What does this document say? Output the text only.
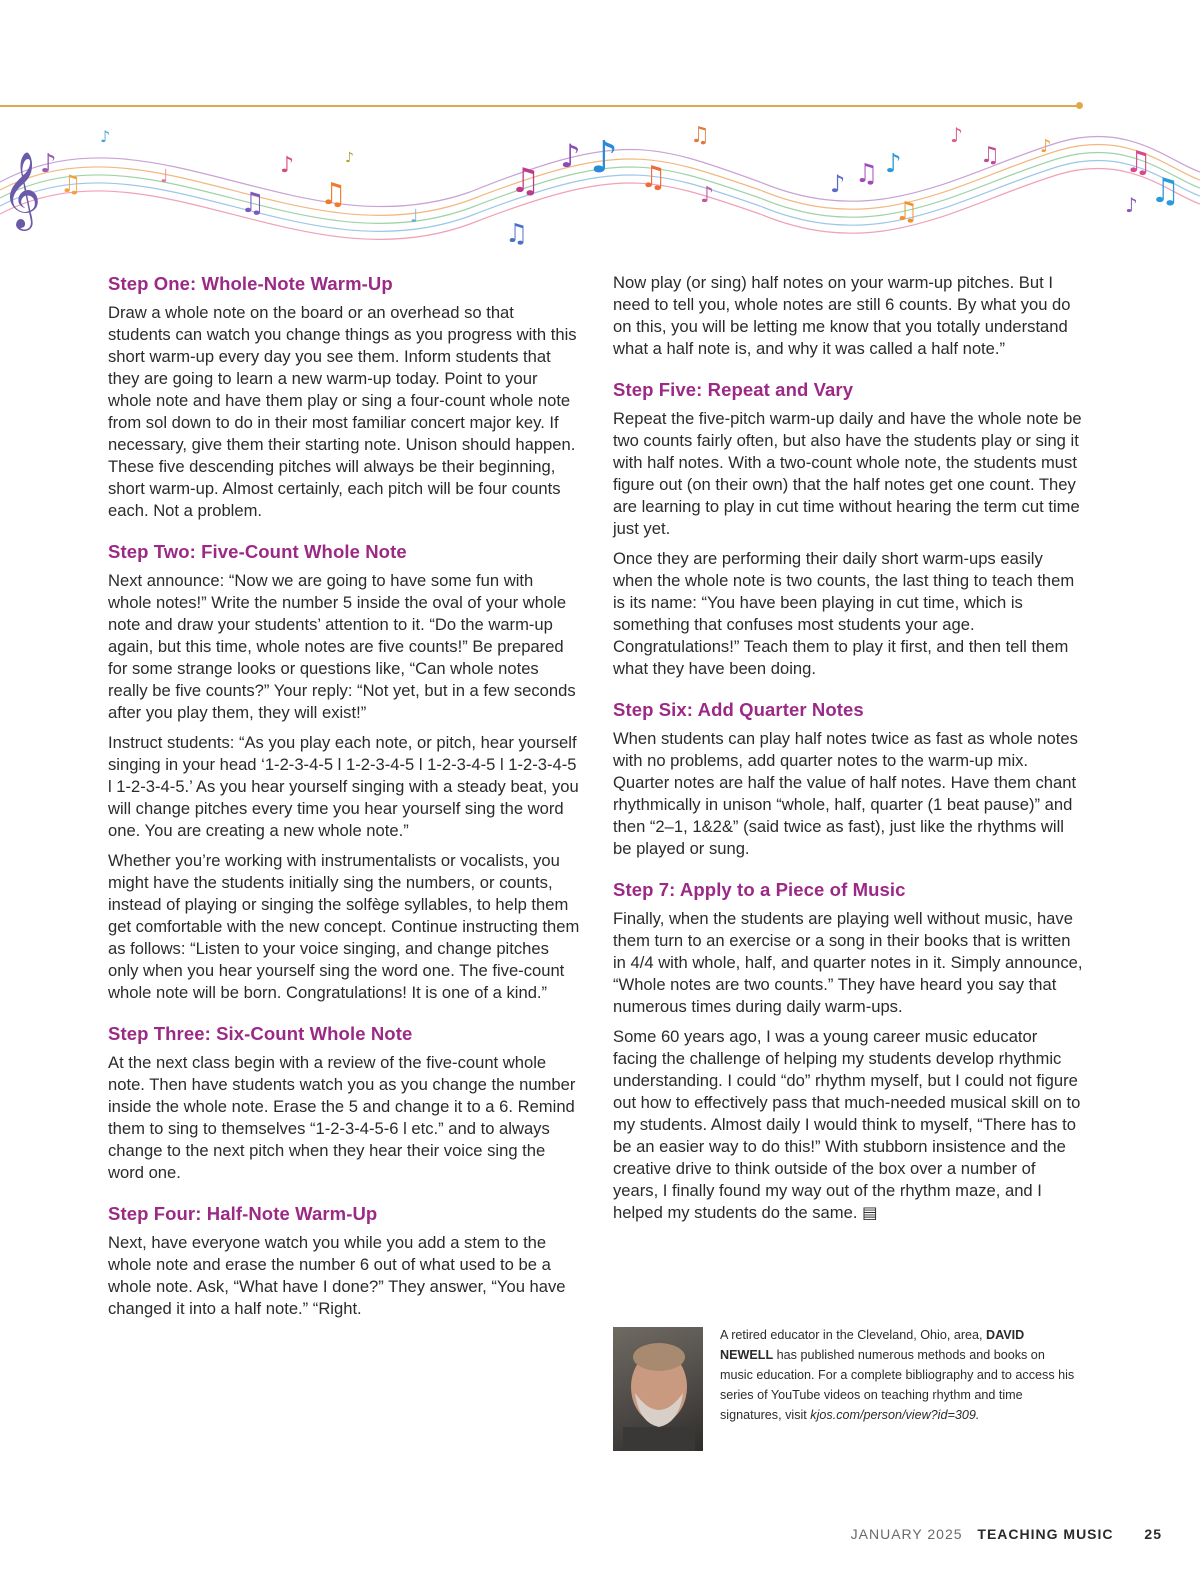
𝄞
♪
♫
♪
♩
♫
♪
♫
♪
♩
♫
♫
♪ ♪ ♫
♫
♪	♪ ♫ ♪
♫
♪
♫ ♪ ♫
♫
♪
Step One: Whole-Note Warm-Up

Draw a whole note on the board or an overhead so that students can watch you change things as you progress with this short warm-up every day you see them. Inform students that they are going to learn a new warm-up today. Point to your whole note and have them play or sing a four-count whole note from sol down to do in their most familiar concert major key. If necessary, give them their starting note. Unison should happen. These five descending pitches will always be their beginning, short warm-up. Almost certainly, each pitch will be four counts each. Not a problem.

Step Two: Five-Count Whole Note

Next announce: “Now we are going to have some fun with whole notes!” Write the number 5 inside the oval of your whole note and draw your students’ attention to it. “Do the warm-up again, but this time, whole notes are five counts!” Be prepared for some strange looks or questions like, “Can whole notes really be five counts?” Your reply: “Not yet, but in a few seconds after you play them, they will exist!”

Instruct students: “As you play each note, or pitch, hear yourself singing in your head ‘1-2-3-4-5 l 1-2-3-4-5 l 1-2-3-4-5 l 1-2-3-4-5 l 1-2-3-4-5.’ As you hear yourself singing with a steady beat, you will change pitches every time you hear yourself sing the word one. You are creating a new whole note.”

Whether you’re working with instrumentalists or vocalists, you might have the students initially sing the numbers, or counts, instead of playing or singing the solfège syllables, to help them get comfortable with the new concept. Continue instructing them as follows: “Listen to your voice singing, and change pitches only when you hear yourself sing the word one. The five-count whole note will be born. Congratulations! It is one of a kind.”

Step Three: Six-Count Whole Note

At the next class begin with a review of the five-count whole note. Then have students watch you as you change the number inside the whole note. Erase the 5 and change it to a 6. Remind them to sing to themselves “1-2-3-4-5-6 l etc.” and to always change to the next pitch when they hear their voice sing the word one.

Step Four: Half-Note Warm-Up

Next, have everyone watch you while you add a stem to the whole note and erase the number 6 out of what used to be a whole note. Ask, “What have I done?” They answer, “You have changed it into a half note.” “Right.

Now play (or sing) half notes on your warm-up pitches. But I need to tell you, whole notes are still 6 counts. By what you do on this, you will be letting me know that you totally understand what a half note is, and why it was called a half note.”

Step Five: Repeat and Vary

Repeat the five-pitch warm-up daily and have the whole note be two counts fairly often, but also have the students play or sing it with half notes. With a two-count whole note, the students must figure out (on their own) that the half notes get one count. They are learning to play in cut time without hearing the term cut time just yet.

Once they are performing their daily short warm-ups easily when the whole note is two counts, the last thing to teach them is its name: “You have been playing in cut time, which is something that confuses most students your age. Congratulations!” Teach them to play it first, and then tell them what they have been doing.

Step Six: Add Quarter Notes

When students can play half notes twice as fast as whole notes with no problems, add quarter notes to the warm-up mix. Quarter notes are half the value of half notes. Have them chant rhythmically in unison “whole, half, quarter (1 beat pause)” and then “2–1, 1&2&” (said twice as fast), just like the rhythms will be played or sung.

Step 7: Apply to a Piece of Music

Finally, when the students are playing well without music, have them turn to an exercise or a song in their books that is written in 4/4 with whole, half, and quarter notes in it. Simply announce, “Whole notes are two counts.” They have heard you say that numerous times during daily warm-ups.

Some 60 years ago, I was a young career music educator facing the challenge of helping my students develop rhythmic understanding. I could “do” rhythm myself, but I could not figure out how to effectively pass that much-needed musical skill on to my students. Almost daily I would think to myself, “There has to be an easier way to do this!” With stubborn insistence and the creative drive to think outside of the box over a number of years, I finally found my way out of the rhythm maze, and I helped my students do the same. ▤

A retired educator in the Cleveland, Ohio, area, DAVID NEWELL has published numerous methods and books on music education. For a complete bibliography and to access his series of YouTube videos on teaching rhythm and time signatures, visit kjos.com/person/view?id=309.
JANUARY 2025 TEACHING MUSIC 25
